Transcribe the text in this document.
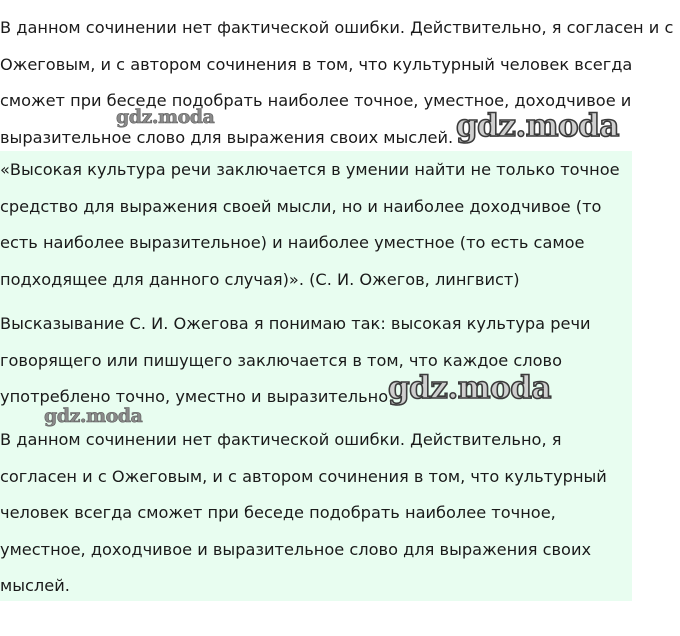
В данном сочинении нет фактической ошибки. Действительно, я согласен и с
Ожеговым, и с автором сочинения в том, что культурный человек всегда
сможет при беседе подобрать наиболее точное, уместное, доходчивое и
выразительное слово для выражения своих мыслей.
«Высокая культура речи заключается в умении найти не только точное
средство для выражения своей мысли, но и наиболее доходчивое (то
есть наиболее выразительное) и наиболее уместное (то есть самое
подходящее для данного случая)». (С. И. Ожегов, лингвист)
Высказывание С. И. Ожегова я понимаю так: высокая культура речи
говорящего или пишущего заключается в том, что каждое слово
употреблено точно, уместно и выразительно.
В данном сочинении нет фактической ошибки. Действительно, я
согласен и с Ожеговым, и с автором сочинения в том, что культурный
человек всегда сможет при беседе подобрать наиболее точное,
уместное, доходчивое и выразительное слово для выражения своих
мыслей.
gdz.moda	gdz.moda
gdz.moda
gdz.moda
